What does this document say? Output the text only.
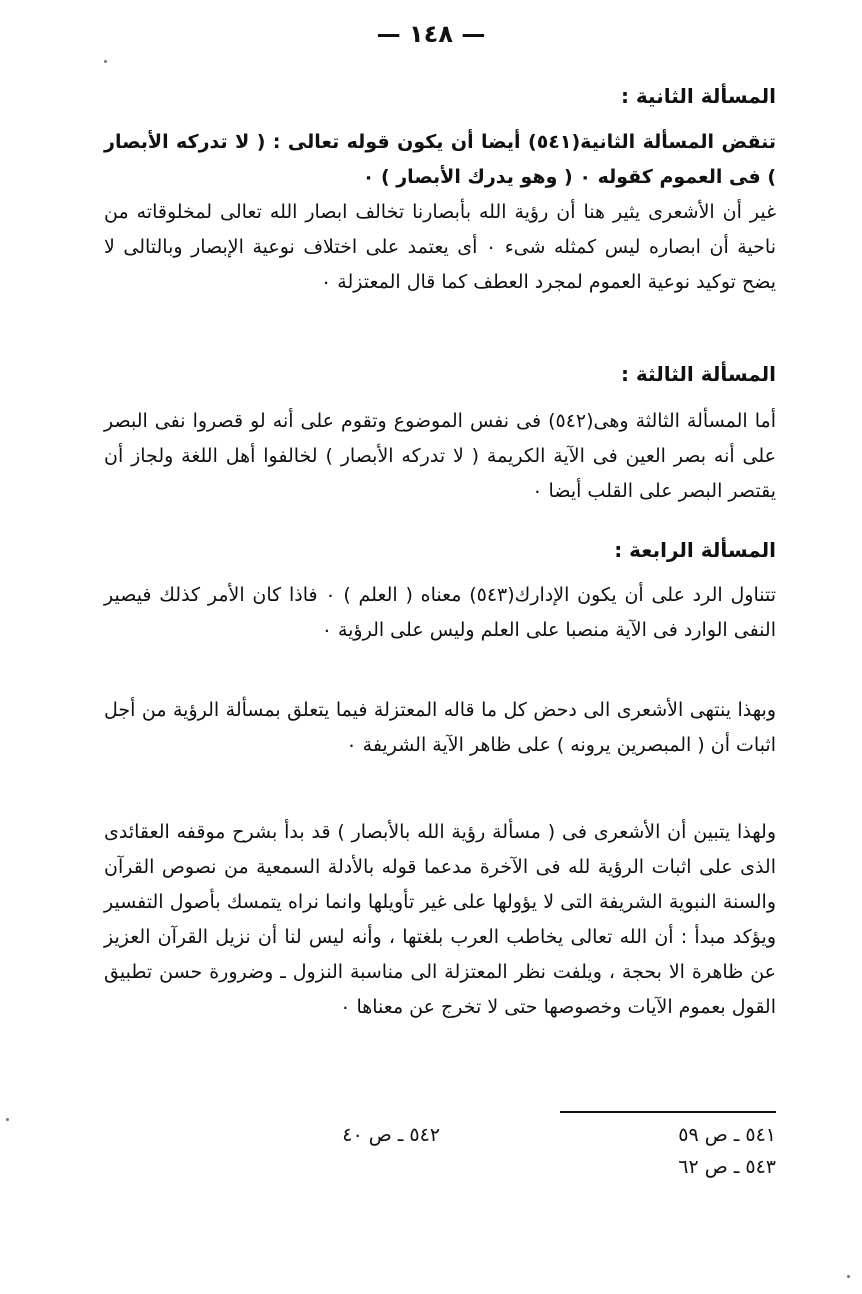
— ١٤٨ —
المسألة الثانية :

تنقض المسألة الثانية(٥٤١) أيضا أن يكون قوله تعالى : ( لا تدركه الأبصار ) فى العموم كقوله ٠ ( وهو يدرك الأبصار ) ٠

غير أن الأشعرى يثير هنا أن رؤية الله بأبصارنا تخالف ابصار الله تعالى لمخلوقاته من ناحية أن ابصاره ليس كمثله شىء ٠ أى يعتمد على اختلاف نوعية الإبصار وبالتالى لا يضح توكيد نوعية العموم لمجرد العطف كما قال المعتزلة ٠

المسألة الثالثة :

أما المسألة الثالثة وهى(٥٤٢) فى نفس الموضوع وتقوم على أنه لو قصروا نفى البصر على أنه بصر العين فى الآية الكريمة ( لا تدركه الأبصار ) لخالفوا أهل اللغة ولجاز أن يقتصر البصر على القلب أيضا ٠

المسألة الرابعة :

تتناول الرد على أن يكون الإدارك(٥٤٣) معناه ( العلم ) ٠ فاذا كان الأمر كذلك فيصير النفى الوارد فى الآية منصبا على العلم وليس على الرؤية ٠

وبهذا ينتهى الأشعرى الى دحض كل ما قاله المعتزلة فيما يتعلق بمسألة الرؤية من أجل اثبات أن ( المبصرين يرونه ) على ظاهر الآية الشريفة ٠

ولهذا يتبين أن الأشعرى فى ( مسألة رؤية الله بالأبصار ) قد بدأ بشرح موقفه العقائدى الذى على اثبات الرؤية لله فى الآخرة مدعما قوله بالأدلة السمعية من نصوص القرآن والسنة النبوية الشريفة التى لا يؤولها على غير تأويلها وانما نراه يتمسك بأصول التفسير ويؤكد مبدأ : أن الله تعالى يخاطب العرب بلغتها ، وأنه ليس لنا أن نزيل القرآن العزيز عن ظاهرة الا بحجة ، ويلفت نظر المعتزلة الى مناسبة النزول ـ وضرورة حسن تطبيق القول بعموم الآيات وخصوصها حتى لا تخرج عن معناها ٠

٥٤١ ـ ص ٥٩
٥٤٢ ـ ص ٤٠
٥٤٣ ـ ص ٦٢
